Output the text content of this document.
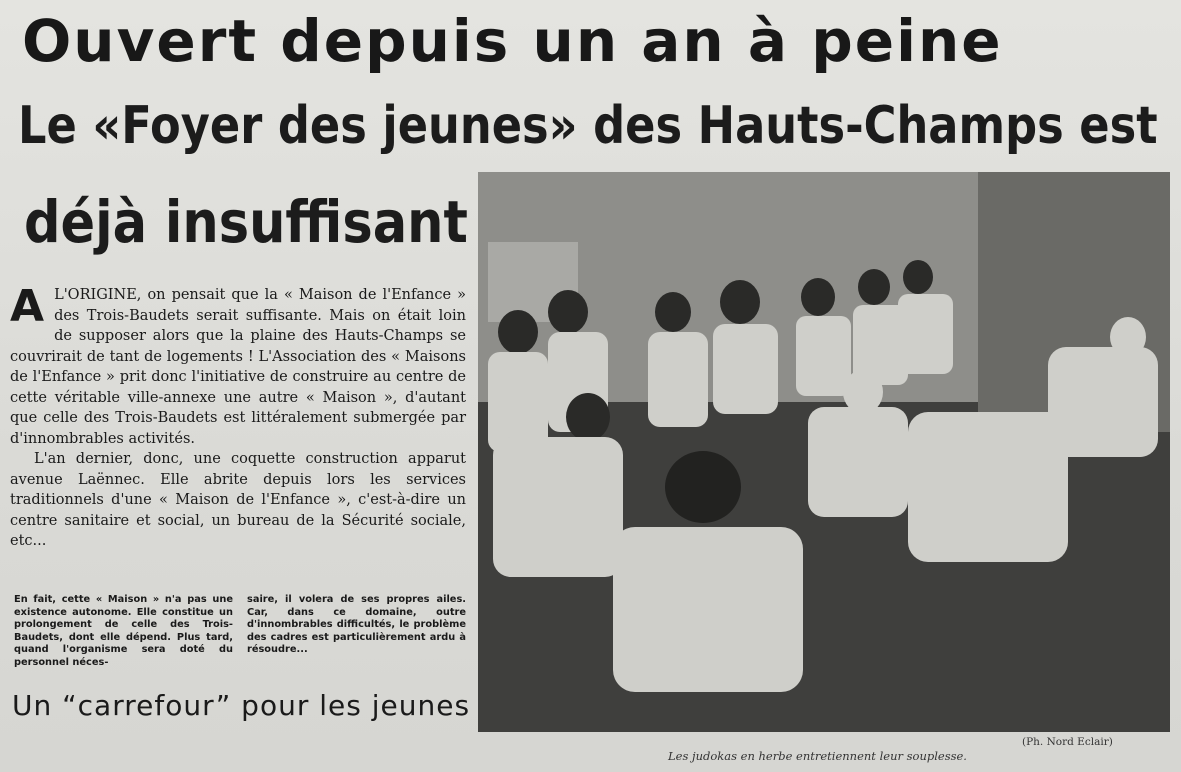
Ouvert depuis un an à peine
Le «Foyer des jeunes» des Hauts-Champs est
déjà insuffisant

A L'ORIGINE, on pensait que la « Maison de l'Enfance » des Trois-Baudets serait suffisante. Mais on était loin de supposer alors que la plaine des Hauts-Champs se couvrirait de tant de logements ! L'Association des « Maisons de l'Enfance » prit donc l'initiative de construire au centre de cette véritable ville-annexe une autre « Maison », d'autant que celle des Trois-Baudets est littéralement submergée par d'innombrables activités.

L'an dernier, donc, une coquette construction apparut avenue Laënnec. Elle abrite depuis lors les services traditionnels d'une « Maison de l'Enfance », c'est-à-dire un centre sanitaire et social, un bureau de la Sécurité sociale, etc...

En fait, cette « Maison » n'a pas une existence autonome. Elle constitue un prolongement de celle des Trois-Baudets, dont elle dépend. Plus tard, quand l'organisme sera doté du personnel néces-

saire, il volera de ses propres ailes. Car, dans ce domaine, outre d'innombrables difficultés, le problème des cadres est particulièrement ardu à résoudre...

Un “carrefour” pour les jeunes
Les judokas en herbe entretiennent leur souplesse.
(Ph. Nord Eclair)
